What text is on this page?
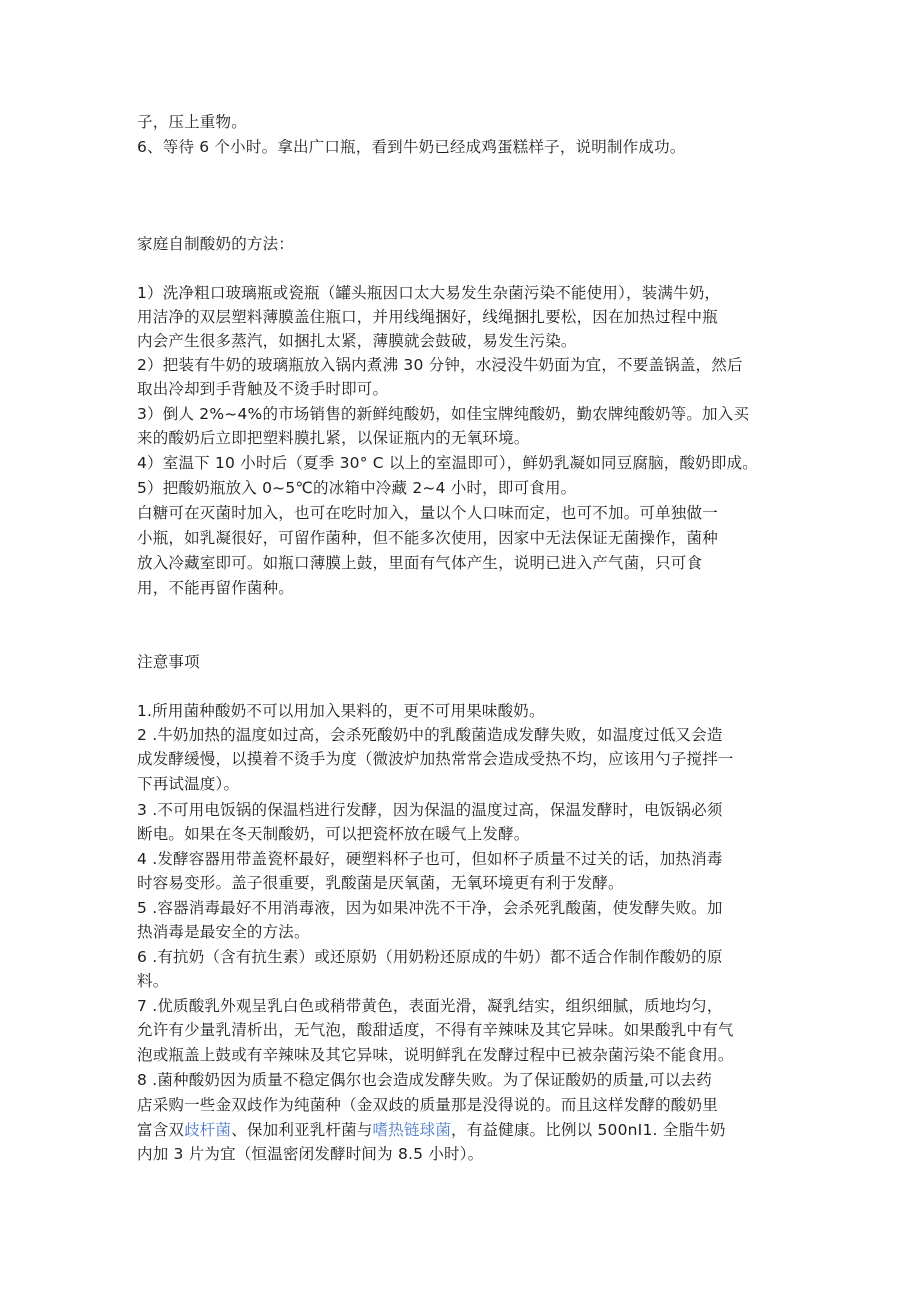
子，压上重物。
6、等待 6 个小时。拿出广口瓶，看到牛奶已经成鸡蛋糕样子，说明制作成功。
家庭自制酸奶的方法：
1）洗净粗口玻璃瓶或瓷瓶（罐头瓶因口太大易发生杂菌污染不能使用），装满牛奶，
用洁净的双层塑料薄膜盖住瓶口，并用线绳捆好，线绳捆扎要松，因在加热过程中瓶
内会产生很多蒸汽，如捆扎太紧，薄膜就会鼓破，易发生污染。
2）把装有牛奶的玻璃瓶放入锅内煮沸 30 分钟，水浸没牛奶面为宜，不要盖锅盖，然后
取出冷却到手背触及不烫手时即可。
3）倒人 2%~4%的市场销售的新鲜纯酸奶，如佳宝牌纯酸奶，勤农牌纯酸奶等。加入买
来的酸奶后立即把塑料膜扎紧，以保证瓶内的无氧环境。
4）室温下 10 小时后（夏季 30° C 以上的室温即可），鲜奶乳凝如同豆腐脑，酸奶即成。
5）把酸奶瓶放入 0~5℃的冰箱中冷藏 2~4 小时，即可食用。
白糖可在灭菌时加入，也可在吃时加入，量以个人口味而定，也可不加。可单独做一
小瓶，如乳凝很好，可留作菌种，但不能多次使用，因家中无法保证无菌操作，菌种
放入冷藏室即可。如瓶口薄膜上鼓，里面有气体产生，说明已进入产气菌，只可食
用，不能再留作菌种。
注意事项
1.所用菌种酸奶不可以用加入果料的，更不可用果味酸奶。
2 .牛奶加热的温度如过高，会杀死酸奶中的乳酸菌造成发酵失败，如温度过低又会造
成发酵缓慢，以摸着不烫手为度（微波炉加热常常会造成受热不均，应该用勺子搅拌一
下再试温度）。
3 .不可用电饭锅的保温档进行发酵，因为保温的温度过高，保温发酵时，电饭锅必须
断电。如果在冬天制酸奶，可以把瓷杯放在暖气上发酵。
4 .发酵容器用带盖瓷杯最好，硬塑料杯子也可，但如杯子质量不过关的话，加热消毒
时容易变形。盖子很重要，乳酸菌是厌氧菌，无氧环境更有利于发酵。
5 .容器消毒最好不用消毒液，因为如果冲洗不干净，会杀死乳酸菌，使发酵失败。加
热消毒是最安全的方法。
6 .有抗奶（含有抗生素）或还原奶（用奶粉还原成的牛奶）都不适合作制作酸奶的原
料。
7 .优质酸乳外观呈乳白色或稍带黄色，表面光滑，凝乳结实，组织细腻，质地均匀，
允许有少量乳清析出，无气泡，酸甜适度，不得有辛辣味及其它异味。如果酸乳中有气
泡或瓶盖上鼓或有辛辣味及其它异味，说明鲜乳在发酵过程中已被杂菌污染不能食用。
8 .菌种酸奶因为质量不稳定偶尔也会造成发酵失败。为了保证酸奶的质量,可以去药
店采购一些金双歧作为纯菌种（金双歧的质量那是没得说的。而且这样发酵的酸奶里
富含双歧杆菌、保加利亚乳杆菌与嗜热链球菌，有益健康。比例以 500nI1. 全脂牛奶
内加 3 片为宜（恒温密闭发酵时间为 8.5 小时）。
